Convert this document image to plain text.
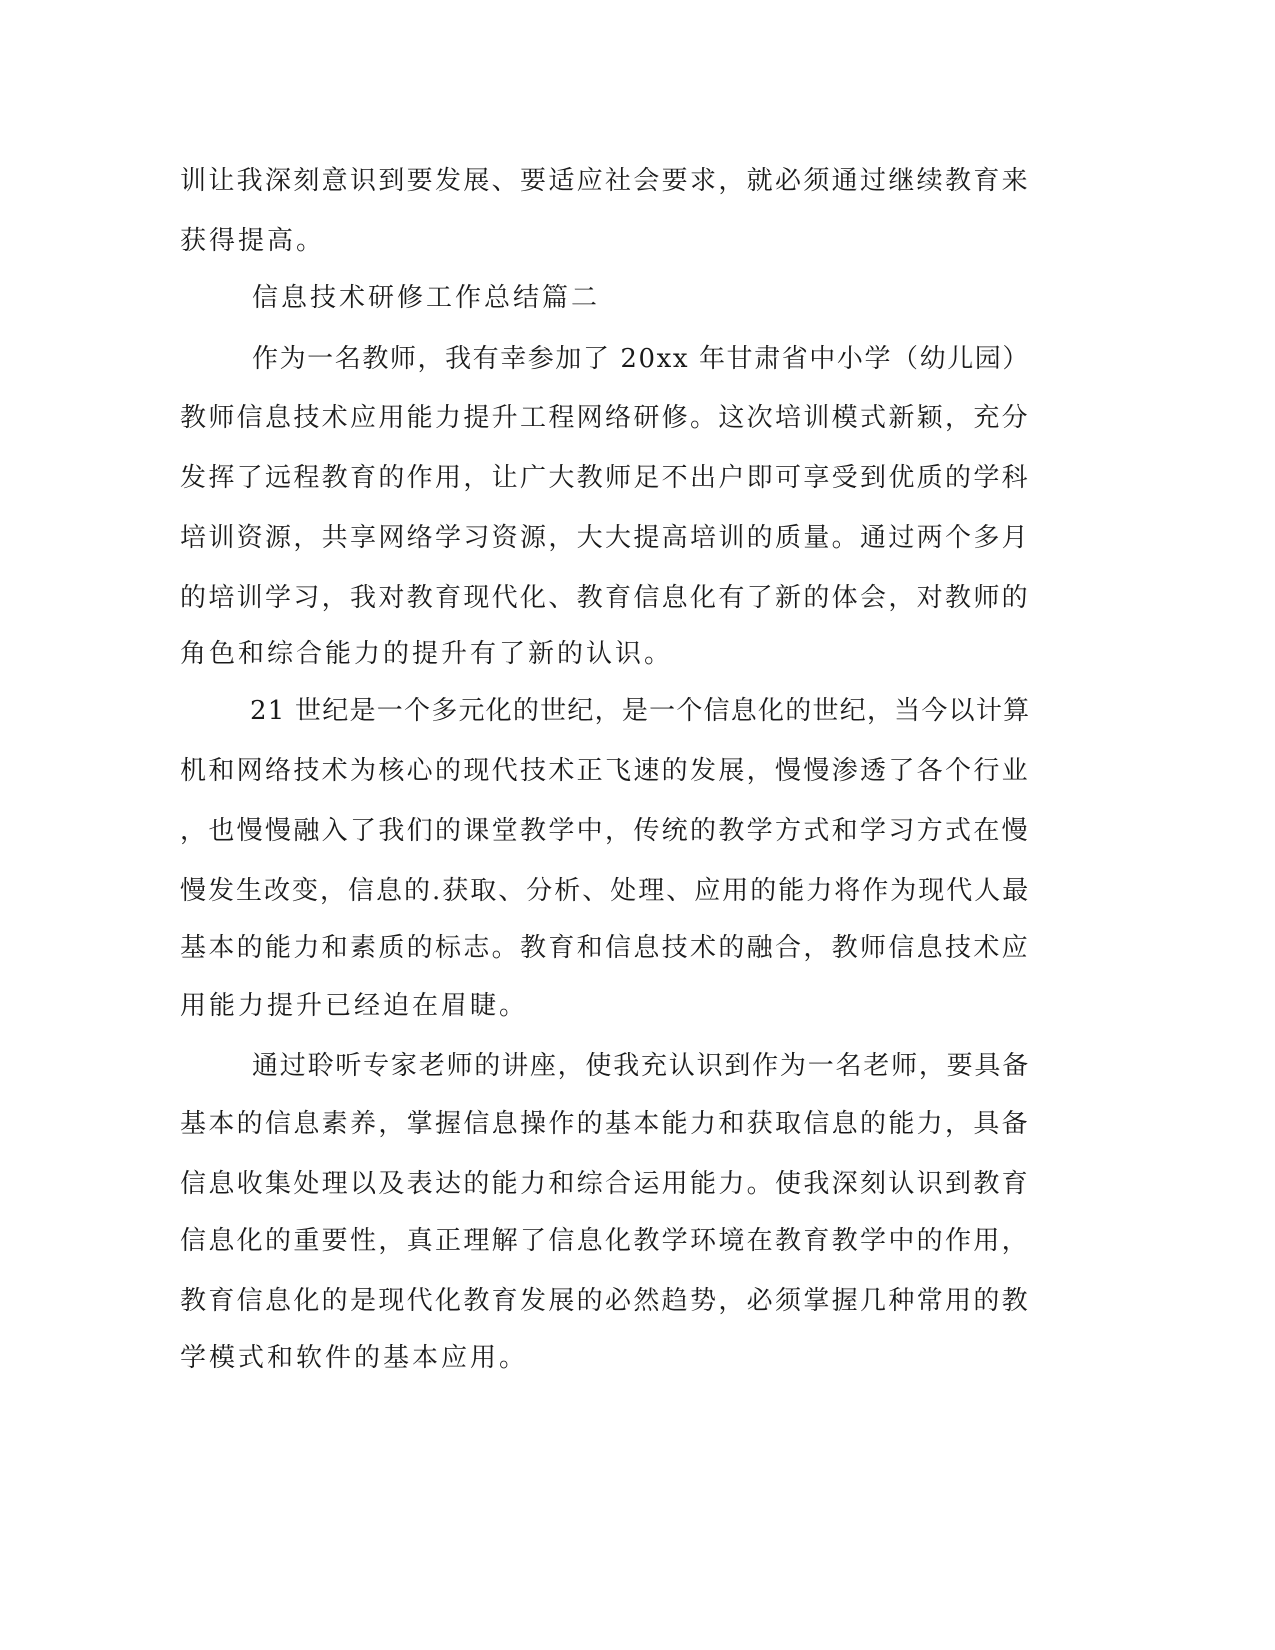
训让我深刻意识到要发展、要适应社会要求，就必须通过继续教育来

获得提高。

信息技术研修工作总结篇二

作为一名教师，我有幸参加了 20xx 年甘肃省中小学（幼儿园）

教师信息技术应用能力提升工程网络研修。这次培训模式新颖，充分

发挥了远程教育的作用，让广大教师足不出户即可享受到优质的学科

培训资源，共享网络学习资源，大大提高培训的质量。通过两个多月

的培训学习，我对教育现代化、教育信息化有了新的体会，对教师的

角色和综合能力的提升有了新的认识。

21 世纪是一个多元化的世纪，是一个信息化的世纪，当今以计算

机和网络技术为核心的现代技术正飞速的发展，慢慢渗透了各个行业

，也慢慢融入了我们的课堂教学中，传统的教学方式和学习方式在慢

慢发生改变，信息的.获取、分析、处理、应用的能力将作为现代人最

基本的能力和素质的标志。教育和信息技术的融合，教师信息技术应

用能力提升已经迫在眉睫。

通过聆听专家老师的讲座，使我充认识到作为一名老师，要具备

基本的信息素养，掌握信息操作的基本能力和获取信息的能力，具备

信息收集处理以及表达的能力和综合运用能力。使我深刻认识到教育

信息化的重要性，真正理解了信息化教学环境在教育教学中的作用，

教育信息化的是现代化教育发展的必然趋势，必须掌握几种常用的教

学模式和软件的基本应用。
